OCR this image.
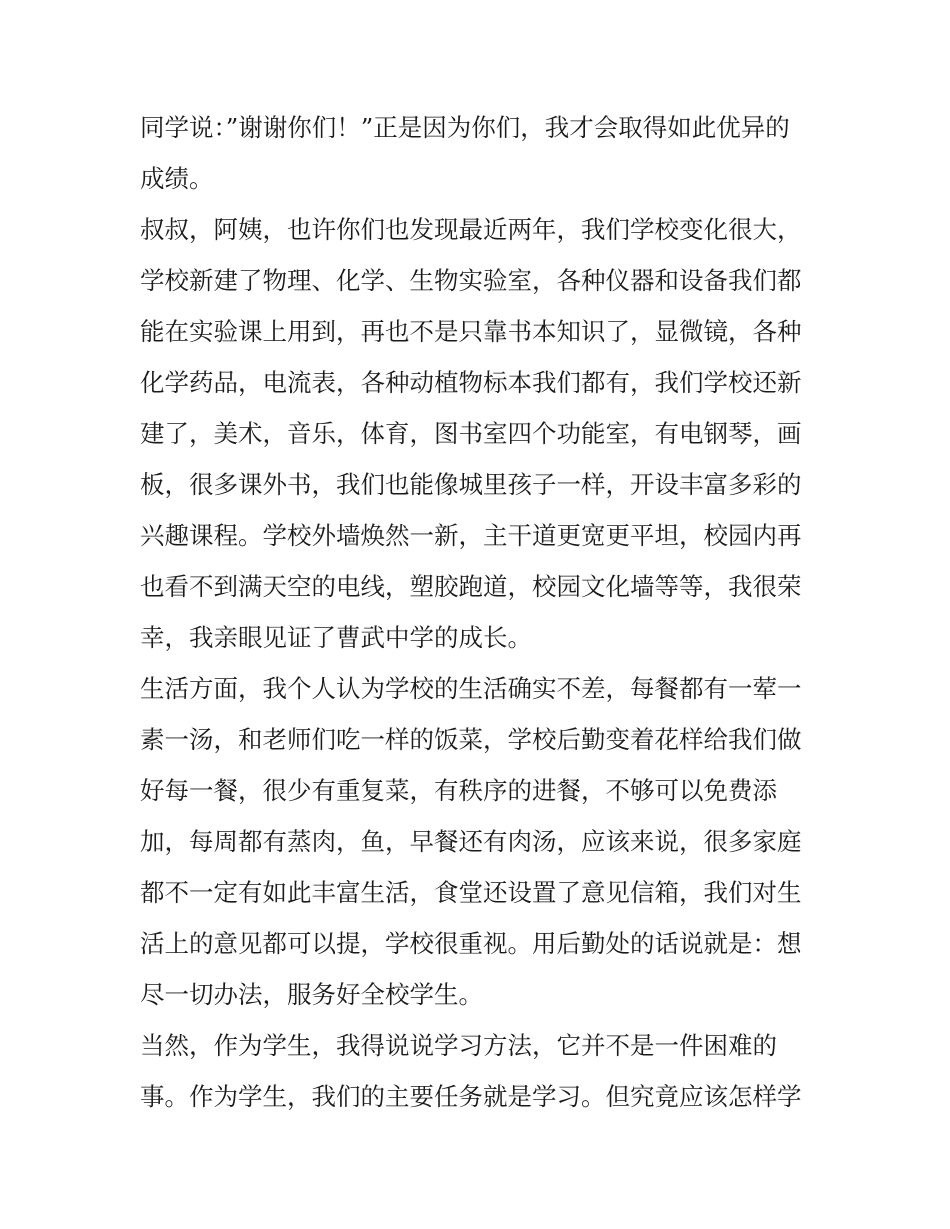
同学说：”谢谢你们！”正是因为你们，我才会取得如此优异的
成绩。
叔叔，阿姨，也许你们也发现最近两年，我们学校变化很大，
学校新建了物理、化学、生物实验室，各种仪器和设备我们都
能在实验课上用到，再也不是只靠书本知识了，显微镜，各种
化学药品，电流表，各种动植物标本我们都有，我们学校还新
建了，美术，音乐，体育，图书室四个功能室，有电钢琴，画
板，很多课外书，我们也能像城里孩子一样，开设丰富多彩的
兴趣课程。学校外墙焕然一新，主干道更宽更平坦，校园内再
也看不到满天空的电线，塑胶跑道，校园文化墙等等，我很荣
幸，我亲眼见证了曹武中学的成长。
生活方面，我个人认为学校的生活确实不差，每餐都有一荤一
素一汤，和老师们吃一样的饭菜，学校后勤变着花样给我们做
好每一餐，很少有重复菜，有秩序的进餐，不够可以免费添
加，每周都有蒸肉，鱼，早餐还有肉汤，应该来说，很多家庭
都不一定有如此丰富生活，食堂还设置了意见信箱，我们对生
活上的意见都可以提，学校很重视。用后勤处的话说就是：想
尽一切办法，服务好全校学生。
当然，作为学生，我得说说学习方法，它并不是一件困难的
事。作为学生，我们的主要任务就是学习。但究竟应该怎样学
